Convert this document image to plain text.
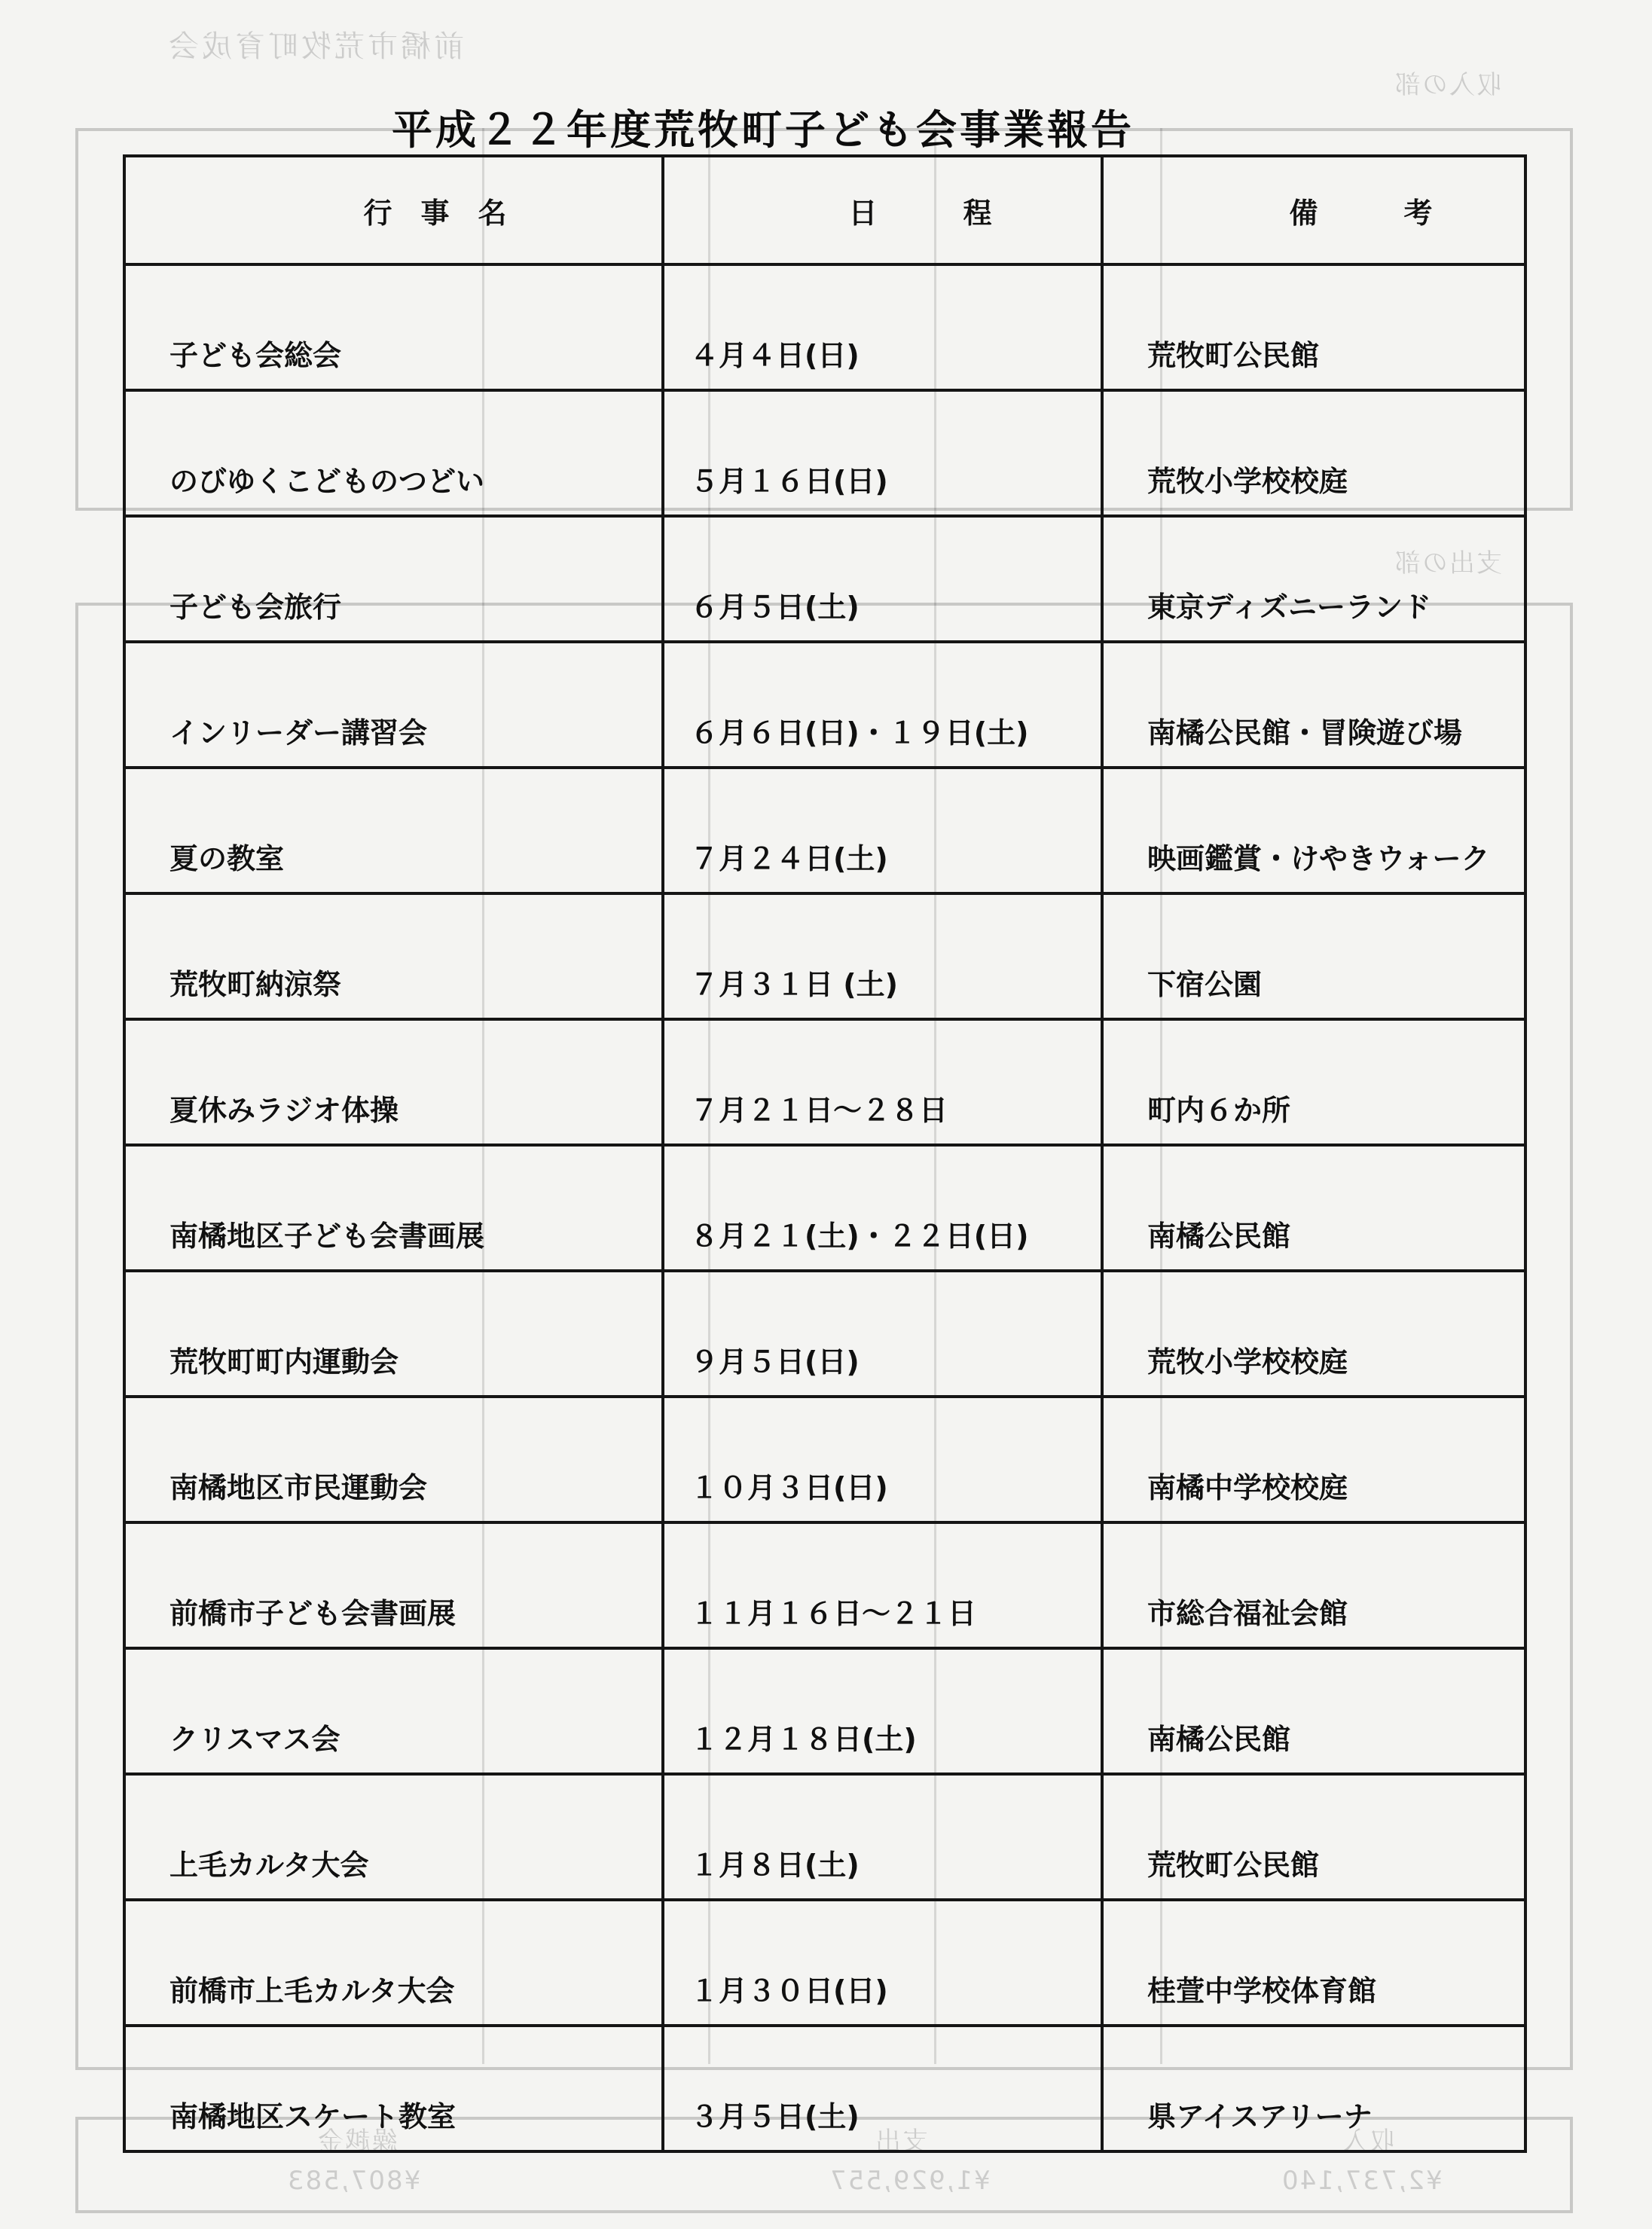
前橋市荒牧町育成会
収入の部
支出の部
収入
支出
繰越金
¥2,737,140
¥1,929,557
¥807,583
平成２２年度荒牧町子ども会事業報告
行　事　名	日　　　程	備　　　考
子ども会総会	４月４日(日)	荒牧町公民館
のびゆくこどものつどい	５月１６日(日)	荒牧小学校校庭
子ども会旅行	６月５日(土)	東京ディズニーランド
インリーダー講習会	６月６日(日)・１９日(土)	南橘公民館・冒険遊び場
夏の教室	７月２４日(土)	映画鑑賞・けやきウォーク
荒牧町納涼祭	７月３１日 (土)	下宿公園
夏休みラジオ体操	７月２１日～２８日	町内６か所
南橘地区子ども会書画展	８月２１(土)・２２日(日)	南橘公民館
荒牧町町内運動会	９月５日(日)	荒牧小学校校庭
南橘地区市民運動会	１０月３日(日)	南橘中学校校庭
前橋市子ども会書画展	１１月１６日～２１日	市総合福祉会館
クリスマス会	１２月１８日(土)	南橘公民館
上毛カルタ大会	１月８日(土)	荒牧町公民館
前橋市上毛カルタ大会	１月３０日(日)	桂萱中学校体育館
南橘地区スケート教室	３月５日(土)	県アイスアリーナ
